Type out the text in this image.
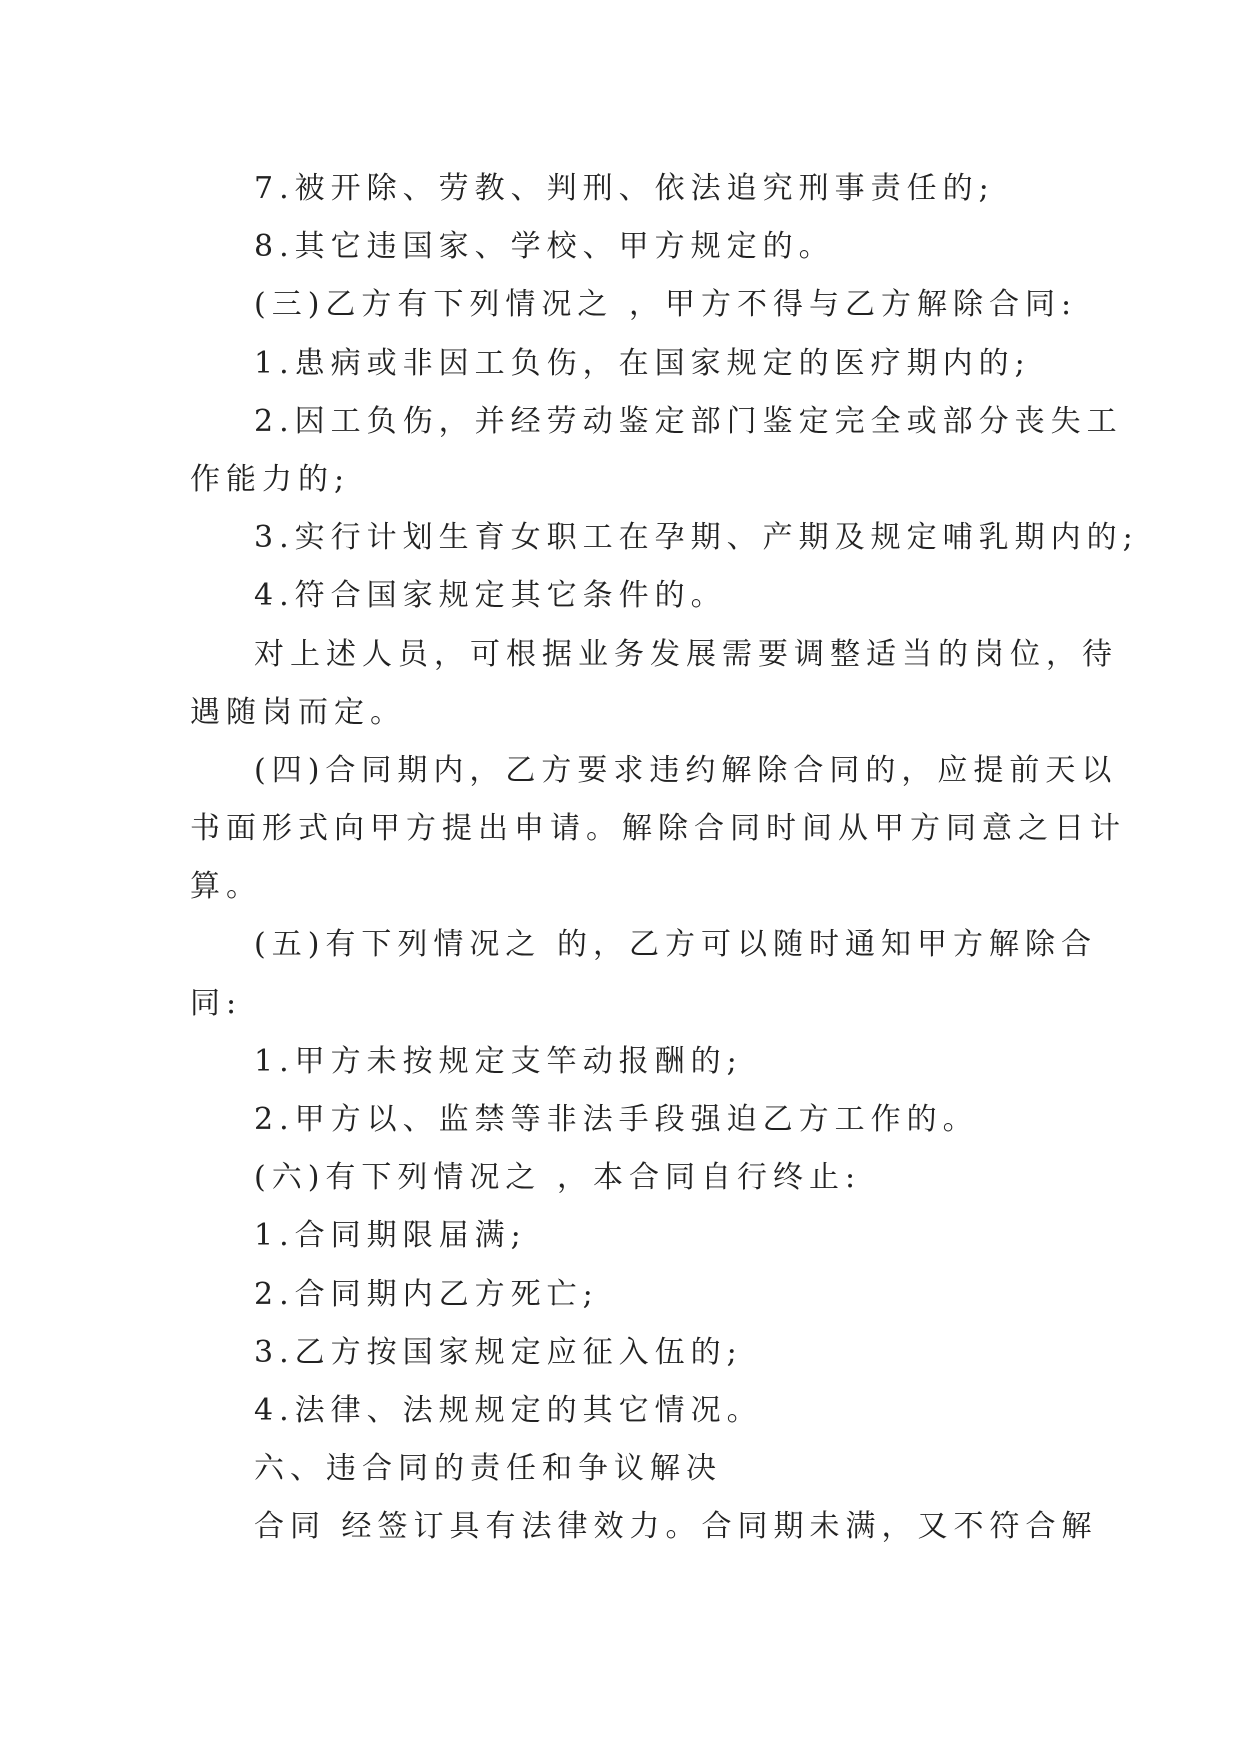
7.被开除、劳教、判刑、依法追究刑事责任的;
8.其它违国家、学校、甲方规定的。
(三)乙方有下列情况之 ，甲方不得与乙方解除合同:
1.患病或非因工负伤，在国家规定的医疗期内的;
2.因工负伤，并经劳动鉴定部门鉴定完全或部分丧失工
作能力的;
3.实行计划生育女职工在孕期、产期及规定哺乳期内的;
4.符合国家规定其它条件的。
对上述人员，可根据业务发展需要调整适当的岗位，待
遇随岗而定。
(四)合同期内，乙方要求违约解除合同的，应提前天以
书面形式向甲方提出申请。解除合同时间从甲方同意之日计
算。
(五)有下列情况之 的，乙方可以随时通知甲方解除合
同:
1.甲方未按规定支竿动报酬的;
2.甲方以、监禁等非法手段强迫乙方工作的。
(六)有下列情况之 ，本合同自行终止:
1.合同期限届满;
2.合同期内乙方死亡;
3.乙方按国家规定应征入伍的;
4.法律、法规规定的其它情况。
六、违合同的责任和争议解决
合同 经签订具有法律效力。合同期未满，又不符合解
